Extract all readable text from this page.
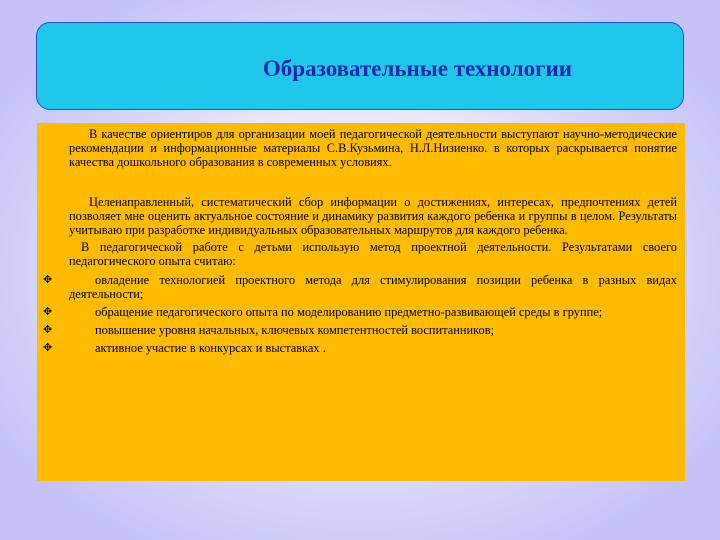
Образовательные технологии

В качестве ориентиров для организации моей педагогической деятельности выступают научно-методические рекомендации и информационные материалы С.В.Кузьмина, Н.Л.Низиенко. в которых раскрывается понятие качества дошкольного образования в современных условиях.

Целенаправленный, систематический сбор информации о достижениях, интересах, предпочтениях детей позволяет мне оценить актуальное состояние и динамику развития каждого ребенка и группы в целом. Результаты учитываю при разработке индивидуальных образовательных маршрутов для каждого ребенка.

В педагогической работе с детьми использую метод проектной деятельности. Результатами своего педагогического опыта считаю:

✥	овладение технологией проектного метода для стимулирования позиции ребенка в разных видах деятельности;
✥	обращение педагогического опыта по моделированию предметно-развивающей среды в группе;
✥	повышение уровня начальных, ключевых компетентностей воспитанников;
✥	активное участие в конкурсах и выставках .
